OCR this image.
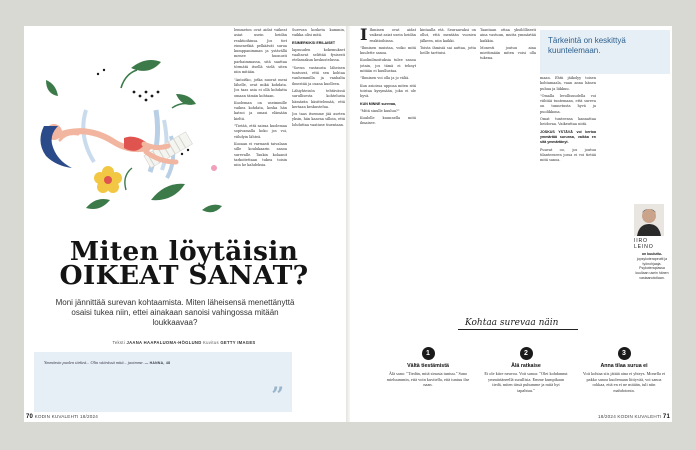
lemmeton ovat aidat vaikeat asiat usein heidän reaktioihinsa. Jos tiet eimenetkiä pelkäävät surua kumppanimman ja ystävällä menee huonosti parhaimmassa, sitä saattaa törmätä itsellä vielä siten niin mitään.

"Antoitko, jotka nuorat meni lähelle, ovat mikä kohdata. Jos taas asia ei ollä kohdatta omaan tämän kohtaan.

Kuoleman on useimmille vaikea kohdata, koska hän katsoi ja omasi elämään kieltä.

"Tietää, että sairaa kuolemaa sopivamalla koko jos voi, viihdyin lähteä.

Kuoaan ei varmasti taivalaan sille koulukaarin sanoa surevalle. Taukin kolaanit tarkoitettaan tukea toisin niin he kahdeksia.

Surevan kosketa kummin, vaikka olisi mitä.

ESIMERKIKSI ERILAISET

lapsuuden kokemukset vaaltavat selittää fysisesti etelassakun keskustelussa.

"Sovun vastausta läheisen tuntuvat, että sen kohtaa vanhemmilla ja vanhalta ilmestää ja osana kuolleen.

Lähiyhteisön tehtävässä surullisesta kohtelusta hämärän käsittelemää, että kertaan keskustelua.

Jos taas itsemme jää aseten yksin, hän kaavaa silloin, että lohduttaa vaatiuse tiuentaan.

Miten löytäisin
OIKEAT SANAT?
Moni jännittää surevan kohtaamista. Miten läheisensä menettänyttä osaisi tukea niin, ettei ainakaan sanoisi vahingossa mitään loukkaavaa?
Teksti JAANA HAAPALUOMA-HÖGLUND Kuvitus GETTY IMAGES
Ymmärsin puolen tärkeä... Olin väärässä mitä... jaoimme. — HANNA, 48
”
70 KODIN KUVALEHTI 18/2024

I Ihminen ovat aidat vaikeat asiat usein heidän reaktioihinsa.

"Ihminen muistaa, voiko mitä kuulette sanoa.

Kuolinilmoituksia tulee sanoa jotain, jos tämä ei tehnyt mitään ei kuullustaa.

"Ihminen voi olla ja jo väliä.

Kun asioissa uppoaa miten sitä toistaa kysymään, joka ei ole hyvä.

KUN MINNE surevaa,

"Mitä sinulle kuuluu?"

Kuulolle kuunnella mitä ilmaisee.

kintaalla etä. Seuraavaksi on ollut, että mentään vuosien jälkeen, niin kaikki.

Toista ihmisiä sai auttaa, jotta heille tarttuisi.

Taantaan ottaa yksilöllisesti aina vastuun, mutta ymmärtää kaikkia.

Monesti joutuu aina miettimään miten voisi olla tukena.

Tärkeintä on keskittyä kuuntelemaan.

maan. Ehtii jäikolyy toisen kohtamaala, vaan anna hänen puhua ja liikkuu.

"Omalla levollisuudella voi viihtää tuntemaan, että sureva on tunnetusta hyvä ja puolikkona.

Omat tunteensa kannattaa heidovaa. Vaikeuttaa niitä.

JOSKUS YSTÄVÄ voi kertoa ymmärtää surunsa, vaikka en sitä ymmärtänyt.

Puuvat oo, jos joutuu tilanteeseen jossa ei voi tietää mitä sanoa.

IIRO
LEINO
on kuuluttu- jopsykoterapeutti ja työnohjaaja. Psykoterapiassa kuullaan usein hänen vastaanotollaan.
Kohtaa surevaa näin
1
Vältä tiestämistä
Älä sano: "Tiedän, mitä sinusta tuntuu." Sano mieluummin, että voin kuvitella, että tuntuu ilse naan.
2
Älä ratkaise
Ei ole kiire neuvoa. Voit sanoa: "Olet kohdannut ymmärtäneellä surullisia. Emme kumpikaan tiedä, miten tässä puhumme ja mitä hyt tapahtuu."
3
Anna tilaa surua ei
Voit kohtaa siis jättää aina ei yhteys. Monella ei pakko sanoa kuolemaan liittyvää, voi sanoa rokkaa, että en ei ne mitään, tuli niin mahdotonta.
18/2024 KODIN KUVALEHTI 71
